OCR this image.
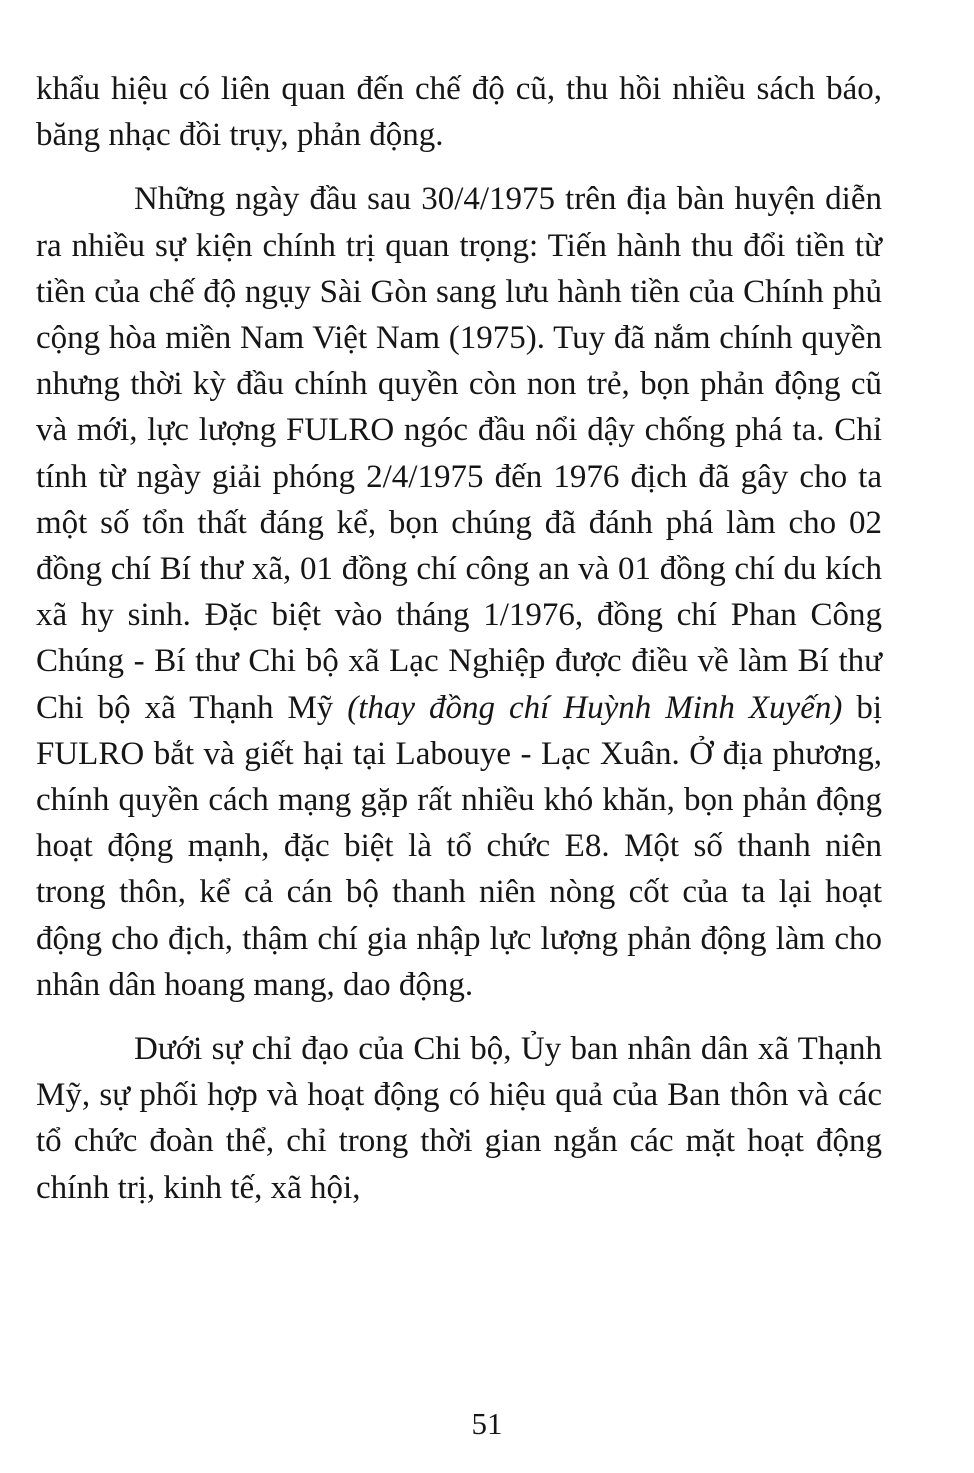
khẩu hiệu có liên quan đến chế độ cũ, thu hồi nhiều sách báo, băng nhạc đồi trụy, phản động.

Những ngày đầu sau 30/4/1975 trên địa bàn huyện diễn ra nhiều sự kiện chính trị quan trọng: Tiến hành thu đổi tiền từ tiền của chế độ ngụy Sài Gòn sang lưu hành tiền của Chính phủ cộng hòa miền Nam Việt Nam (1975). Tuy đã nắm chính quyền nhưng thời kỳ đầu chính quyền còn non trẻ, bọn phản động cũ và mới, lực lượng FULRO ngóc đầu nổi dậy chống phá ta. Chỉ tính từ ngày giải phóng 2/4/1975 đến 1976 địch đã gây cho ta một số tổn thất đáng kể, bọn chúng đã đánh phá làm cho 02 đồng chí Bí thư xã, 01 đồng chí công an và 01 đồng chí du kích xã hy sinh. Đặc biệt vào tháng 1/1976, đồng chí Phan Công Chúng - Bí thư Chi bộ xã Lạc Nghiệp được điều về làm Bí thư Chi bộ xã Thạnh Mỹ (thay đồng chí Huỳnh Minh Xuyến) bị FULRO bắt và giết hại tại Labouye - Lạc Xuân. Ở địa phương, chính quyền cách mạng gặp rất nhiều khó khăn, bọn phản động hoạt động mạnh, đặc biệt là tổ chức E8. Một số thanh niên trong thôn, kể cả cán bộ thanh niên nòng cốt của ta lại hoạt động cho địch, thậm chí gia nhập lực lượng phản động làm cho nhân dân hoang mang, dao động.

Dưới sự chỉ đạo của Chi bộ, Ủy ban nhân dân xã Thạnh Mỹ, sự phối hợp và hoạt động có hiệu quả của Ban thôn và các tổ chức đoàn thể, chỉ trong thời gian ngắn các mặt hoạt động chính trị, kinh tế, xã hội,

51
